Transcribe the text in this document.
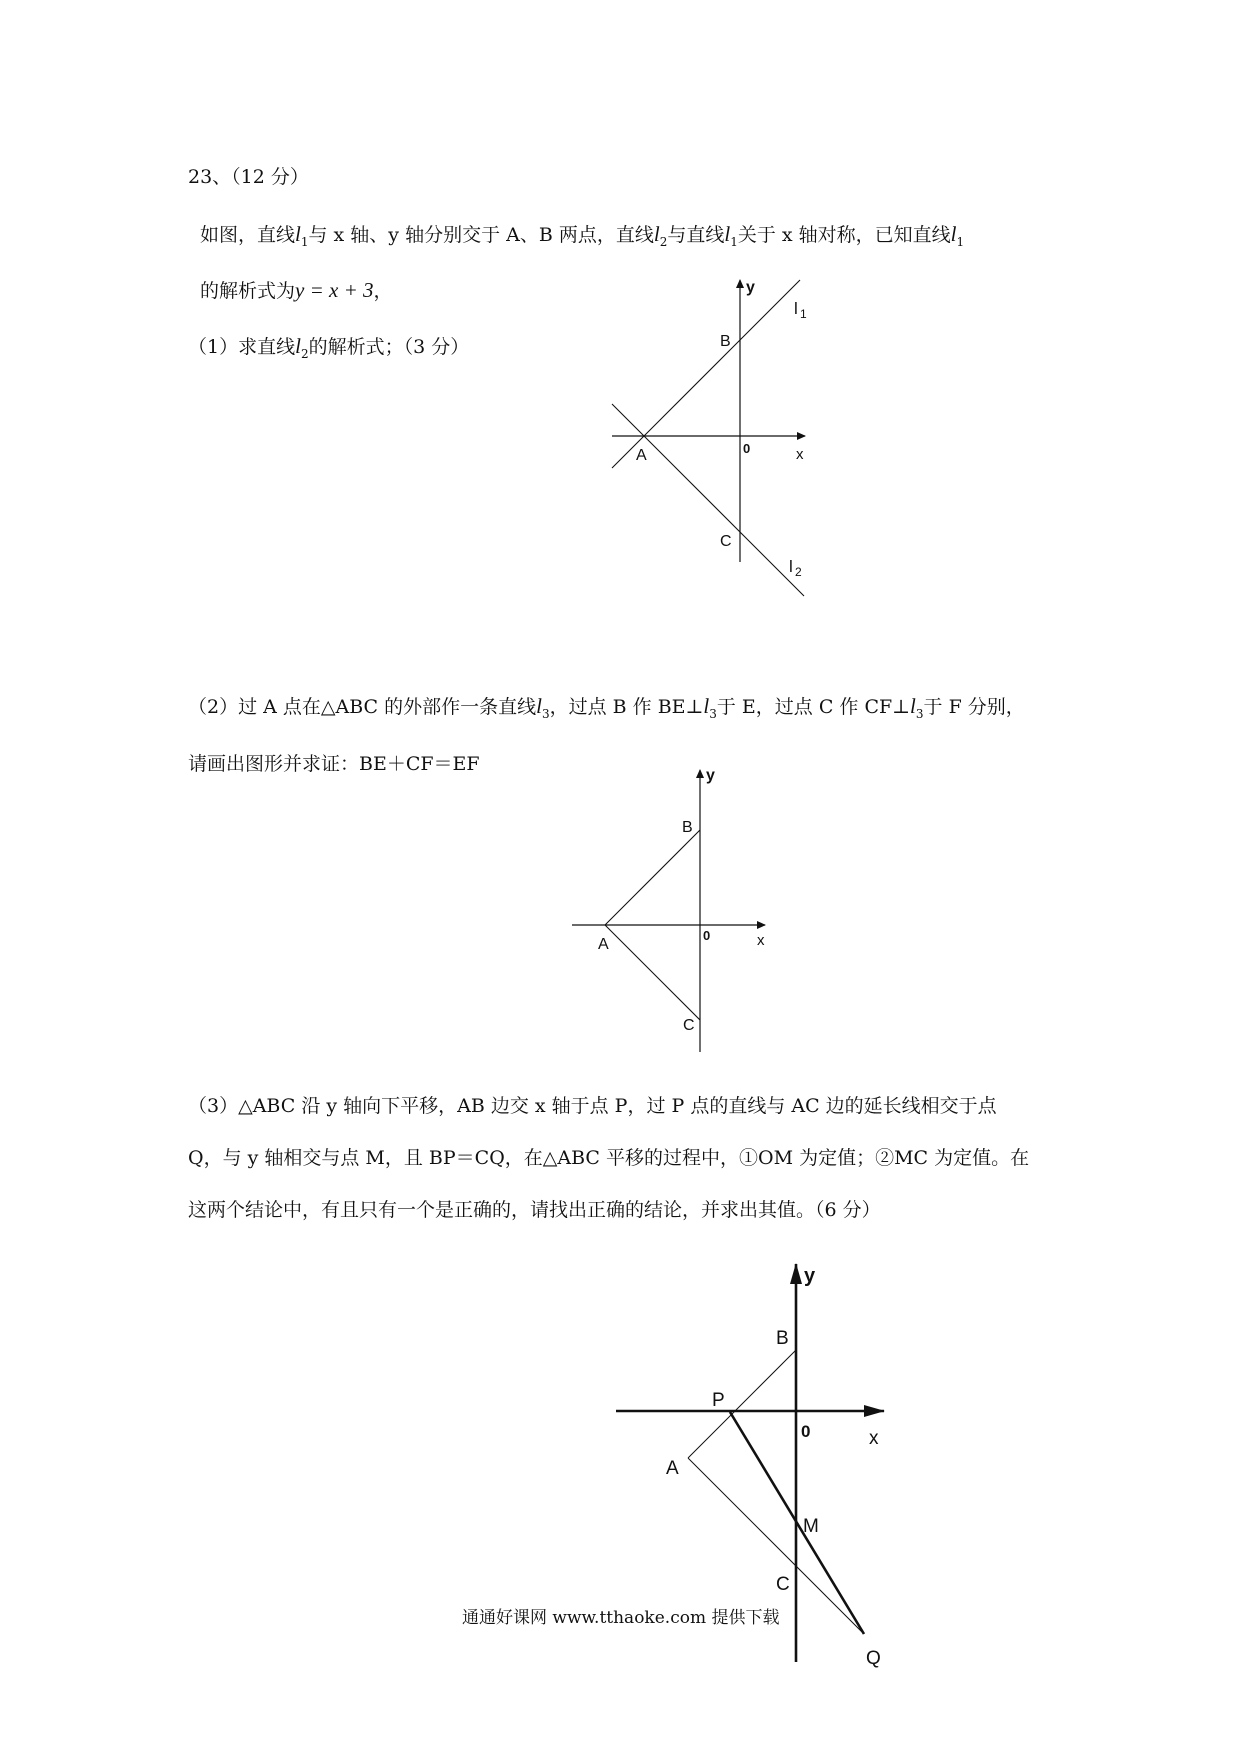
23、（12 分）
如图，直线$l_1$与 x 轴、y 轴分别交于 A、B 两点，直线$l_2$与直线$l_1$关于 x 轴对称，已知直线$l_1$
的解析式为y = x + 3，
（1）求直线$l_2$的解析式；（3 分）
（2）过 A 点在△ABC 的外部作一条直线$l_3$，过点 B 作 $BE\perp l_3$于 E，过点 C 作 $CF\perp l_3$于 F 分别，
请画出图形并求证：BE＋CF＝EF
（3）△ABC 沿 y 轴向下平移，AB 边交 x 轴于点 P，过 P 点的直线与 AC 边的延长线相交于点
Q，与 y 轴相交与点 M，且 BP＝CQ，在△ABC 平移的过程中，①OM 为定值；②MC 为定值。在
这两个结论中，有且只有一个是正确的，请找出正确的结论，并求出其值。（6 分）
y
l 1
B
A	0	x
C
l 2
y
B
A
0	x
C
y
B
P
0	x
A
M
C
Q
通通好课网 www.tthaoke.com 提供下载
